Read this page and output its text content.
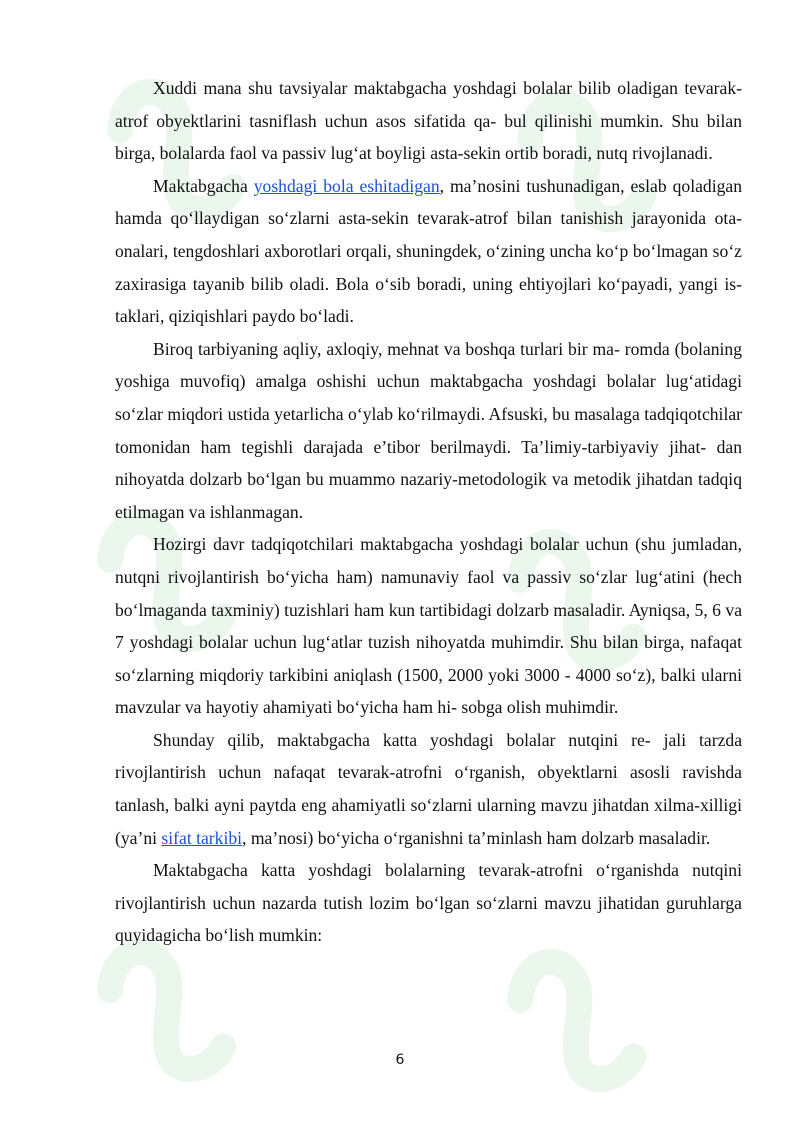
Xuddi mana shu tavsiyalar maktabgacha yoshdagi bolalar bilib oladigan tevarak-atrof obyektlarini tasniflash uchun asos sifatida qa- bul qilinishi mumkin. Shu bilan birga, bolalarda faol va passiv lug‘at boyligi asta-sekin ortib boradi, nutq rivojlanadi.

Maktabgacha yoshdagi bola eshitadigan, ma’nosini tushunadigan, eslab qoladigan hamda qo‘llaydigan so‘zlarni asta-sekin tevarak-atrof bilan tanishish jarayonida ota-onalari, tengdoshlari axborotlari orqali, shuningdek, o‘zining uncha ko‘p bo‘lmagan so‘z zaxirasiga tayanib bilib oladi. Bola o‘sib boradi, uning ehtiyojlari ko‘payadi, yangi is- taklari, qiziqishlari paydo bo‘ladi.

Biroq tarbiyaning aqliy, axloqiy, mehnat va boshqa turlari bir ma- romda (bolaning yoshiga muvofiq) amalga oshishi uchun maktabgacha yoshdagi bolalar lug‘atidagi so‘zlar miqdori ustida yetarlicha o‘ylab ko‘rilmaydi. Afsuski, bu masalaga tadqiqotchilar tomonidan ham tegishli darajada e’tibor berilmaydi. Ta’limiy-tarbiyaviy jihat- dan nihoyatda dolzarb bo‘lgan bu muammo nazariy-metodologik va metodik jihatdan tadqiq etilmagan va ishlanmagan.

Hozirgi davr tadqiqotchilari maktabgacha yoshdagi bolalar uchun (shu jumladan, nutqni rivojlantirish bo‘yicha ham) namunaviy faol va passiv so‘zlar lug‘atini (hech bo‘lmaganda taxminiy) tuzishlari ham kun tartibidagi dolzarb masaladir. Ayniqsa, 5, 6 va 7 yoshdagi bolalar uchun lug‘atlar tuzish nihoyatda muhimdir. Shu bilan birga, nafaqat so‘zlarning miqdoriy tarkibini aniqlash (1500, 2000 yoki 3000 - 4000 so‘z), balki ularni mavzular va hayotiy ahamiyati bo‘yicha ham hi- sobga olish muhimdir.

Shunday qilib, maktabgacha katta yoshdagi bolalar nutqini re- jali tarzda rivojlantirish uchun nafaqat tevarak-atrofni o‘rganish, obyektlarni asosli ravishda tanlash, balki ayni paytda eng ahamiyatli so‘zlarni ularning mavzu jihatdan xilma-xilligi (ya’ni sifat tarkibi, ma’nosi) bo‘yicha o‘rganishni ta’minlash ham dolzarb masaladir.

Maktabgacha katta yoshdagi bolalarning tevarak-atrofni o‘rganishda nutqini rivojlantirish uchun nazarda tutish lozim bo‘lgan so‘zlarni mavzu jihatidan guruhlarga quyidagicha bo‘lish mumkin:

6
